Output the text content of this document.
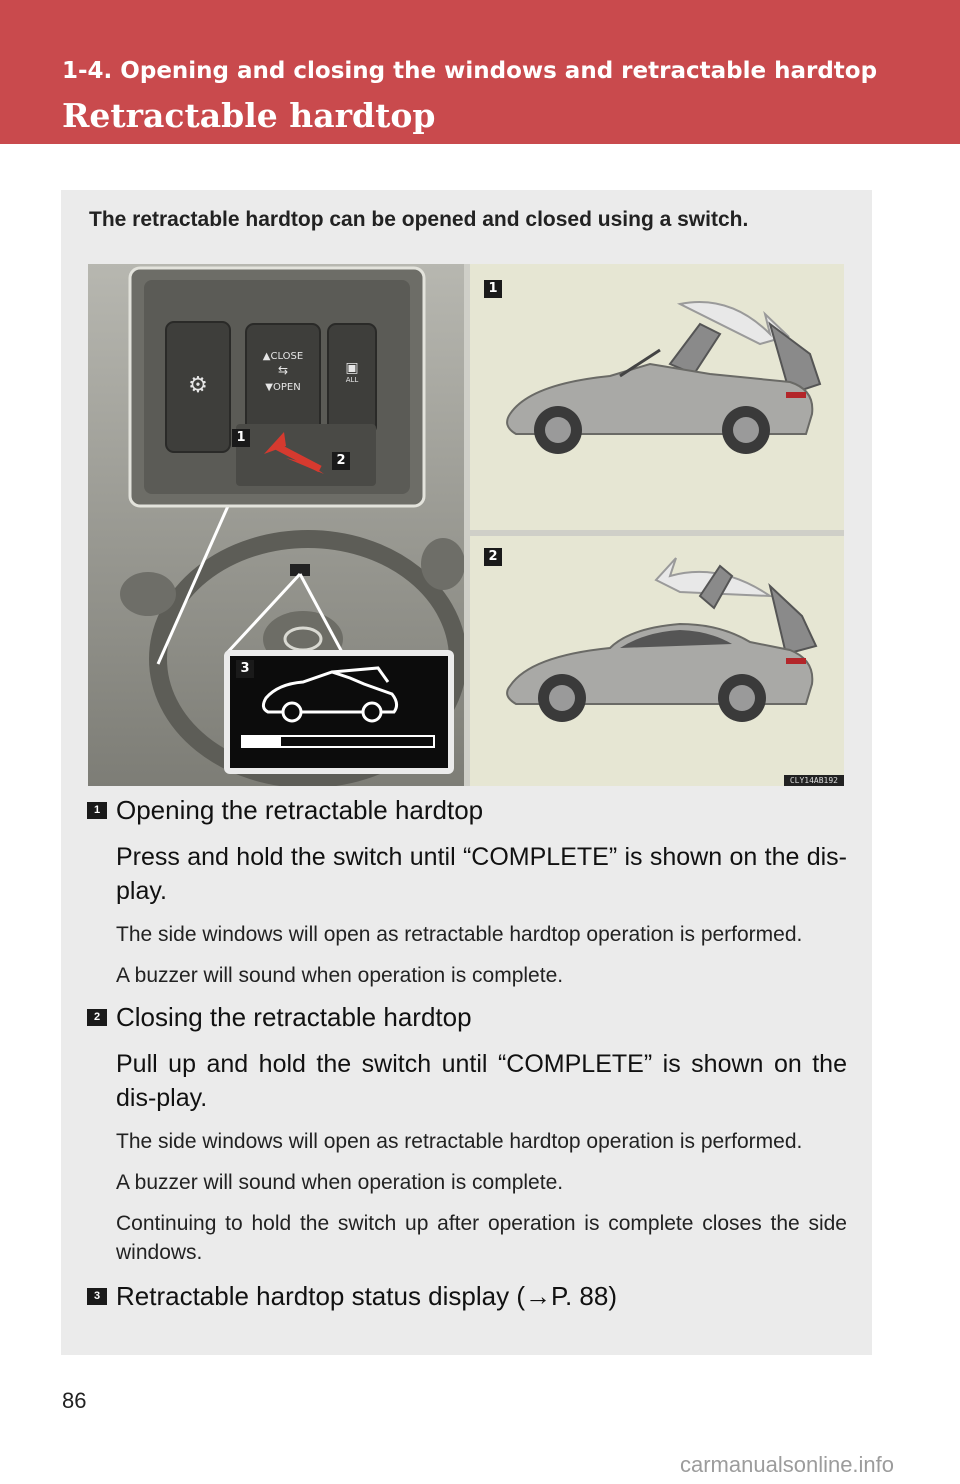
1-4. Opening and closing the windows and retractable hardtop
Retractable hardtop
The retractable hardtop can be opened and closed using a switch.
⚙
▲CLOSE
⇆
▼OPEN
▣
ALL
1
2
3
1
2
CLY14AB192
1 Opening the retractable hardtop
Press and hold the switch until “COMPLETE” is shown on the dis-play.
The side windows will open as retractable hardtop operation is performed.
A buzzer will sound when operation is complete.
2 Closing the retractable hardtop
Pull up and hold the switch until “COMPLETE” is shown on the dis-play.
The side windows will open as retractable hardtop operation is performed.
A buzzer will sound when operation is complete.
Continuing to hold the switch up after operation is complete closes the side windows.
3 Retractable hardtop status display (→P. 88)
86
carmanualsonline.info
